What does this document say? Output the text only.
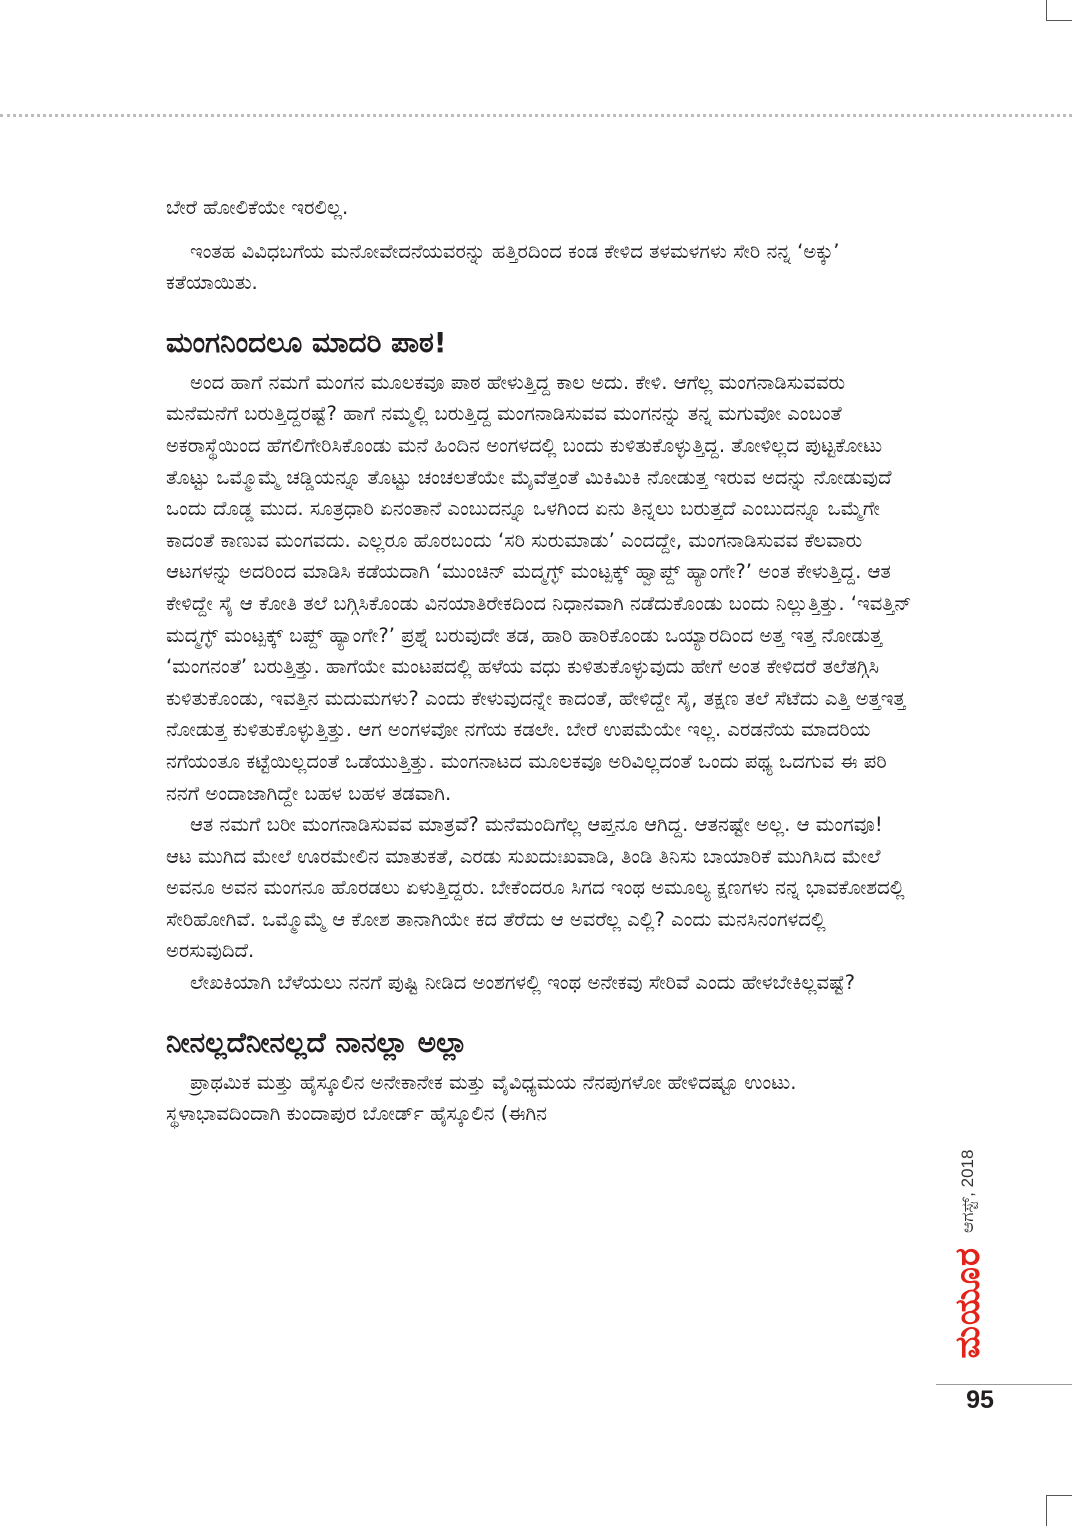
ಬೇರೆ ಹೋಲಿಕೆಯೇ ಇರಲಿಲ್ಲ.

ಇಂತಹ ವಿವಿಧಬಗೆಯ ಮನೋವೇದನೆಯವರನ್ನು ಹತ್ತಿರದಿಂದ ಕಂಡ ಕೇಳಿದ ತಳಮಳಗಳು ಸೇರಿ ನನ್ನ ‘ಅಕ್ಕು’ ಕತೆಯಾಯಿತು.

ಮಂಗನಿಂದಲೂ ಮಾದರಿ ಪಾಠ!

ಅಂದ ಹಾಗೆ ನಮಗೆ ಮಂಗನ ಮೂಲಕವೂ ಪಾಠ ಹೇಳುತ್ತಿದ್ದ ಕಾಲ ಅದು. ಕೇಳಿ. ಆಗೆಲ್ಲ ಮಂಗನಾಡಿಸುವವರು ಮನೆಮನೆಗೆ ಬರುತ್ತಿದ್ದರಷ್ಟೆ? ಹಾಗೆ ನಮ್ಮಲ್ಲಿ ಬರುತ್ತಿದ್ದ ಮಂಗನಾಡಿಸುವವ ಮಂಗನನ್ನು ತನ್ನ ಮಗುವೋ ಎಂಬಂತೆ ಅಕರಾಸ್ಥೆಯಿಂದ ಹೆಗಲಿಗೇರಿಸಿಕೊಂಡು ಮನೆ ಹಿಂದಿನ ಅಂಗಳದಲ್ಲಿ ಬಂದು ಕುಳಿತುಕೊಳ್ಳುತ್ತಿದ್ದ. ತೋಳಿಲ್ಲದ ಪುಟ್ಟಕೋಟು ತೊಟ್ಟು ಒಮ್ಮೊಮ್ಮೆ ಚಡ್ಡಿಯನ್ನೂ ತೊಟ್ಟು ಚಂಚಲತೆಯೇ ಮೈವೆತ್ತಂತೆ ಮಿಕಿಮಿಕಿ ನೋಡುತ್ತ ಇರುವ ಅದನ್ನು ನೋಡುವುದೆ ಒಂದು ದೊಡ್ಡ ಮುದ. ಸೂತ್ರಧಾರಿ ಏನಂತಾನೆ ಎಂಬುದನ್ನೂ ಒಳಗಿಂದ ಏನು ತಿನ್ನಲು ಬರುತ್ತದೆ ಎಂಬುದನ್ನೂ ಒಮ್ಮೆಗೇ ಕಾದಂತೆ ಕಾಣುವ ಮಂಗವದು. ಎಲ್ಲರೂ ಹೊರಬಂದು ‘ಸರಿ ಸುರುಮಾಡು’ ಎಂದದ್ದೇ, ಮಂಗನಾಡಿಸುವವ ಕೆಲವಾರು ಆಟಗಳನ್ನು ಅದರಿಂದ ಮಾಡಿಸಿ ಕಡೆಯದಾಗಿ ‘ಮುಂಚಿನ್ ಮದ್ಮಗ್ಳ್ ಮಂಟ್ಪಕ್ಕ್ ಹ್ವಾಪ್ದ್ ಹ್ಯಾಂಗೇ?’ ಅಂತ ಕೇಳುತ್ತಿದ್ದ. ಆತ ಕೇಳಿದ್ದೇ ಸೈ ಆ ಕೋತಿ ತಲೆ ಬಗ್ಗಿಸಿಕೊಂಡು ವಿನಯಾತಿರೇಕದಿಂದ ನಿಧಾನವಾಗಿ ನಡೆದುಕೊಂಡು ಬಂದು ನಿಲ್ಲುತ್ತಿತ್ತು. ‘ಇವತ್ತಿನ್ ಮದ್ಮಗ್ಳ್ ಮಂಟ್ಪಕ್ಕ್ ಬಪ್ದ್ ಹ್ಯಾಂಗೇ?’ ಪ್ರಶ್ನೆ ಬರುವುದೇ ತಡ, ಹಾರಿ ಹಾರಿಕೊಂಡು ಒಯ್ಯಾರದಿಂದ ಅತ್ತ ಇತ್ತ ನೋಡುತ್ತ ‘ಮಂಗನಂತೆ’ ಬರುತ್ತಿತ್ತು. ಹಾಗೆಯೇ ಮಂಟಪದಲ್ಲಿ ಹಳೆಯ ವಧು ಕುಳಿತುಕೊಳ್ಳುವುದು ಹೇಗೆ ಅಂತ ಕೇಳಿದರೆ ತಲೆತಗ್ಗಿಸಿ ಕುಳಿತುಕೊಂಡು, ಇವತ್ತಿನ ಮದುಮಗಳು? ಎಂದು ಕೇಳುವುದನ್ನೇ ಕಾದಂತೆ, ಹೇಳಿದ್ದೇ ಸೈ, ತಕ್ಷಣ ತಲೆ ಸೆಟೆದು ಎತ್ತಿ ಅತ್ತಇತ್ತ ನೋಡುತ್ತ ಕುಳಿತುಕೊಳ್ಳುತ್ತಿತ್ತು. ಆಗ ಅಂಗಳವೋ ನಗೆಯ ಕಡಲೇ. ಬೇರೆ ಉಪಮೆಯೇ ಇಲ್ಲ. ಎರಡನೆಯ ಮಾದರಿಯ ನಗೆಯಂತೂ ಕಟ್ಟೆಯಿಲ್ಲದಂತೆ ಒಡೆಯುತ್ತಿತ್ತು. ಮಂಗನಾಟದ ಮೂಲಕವೂ ಅರಿವಿಲ್ಲದಂತೆ ಒಂದು ಪಥ್ಯ ಒದಗುವ ಈ ಪರಿ ನನಗೆ ಅಂದಾಜಾಗಿದ್ದೇ ಬಹಳ ಬಹಳ ತಡವಾಗಿ.

ಆತ ನಮಗೆ ಬರೀ ಮಂಗನಾಡಿಸುವವ ಮಾತ್ರವೆ? ಮನೆಮಂದಿಗೆಲ್ಲ ಆಪ್ತನೂ ಆಗಿದ್ದ. ಆತನಷ್ಟೇ ಅಲ್ಲ. ಆ ಮಂಗವೂ! ಆಟ ಮುಗಿದ ಮೇಲೆ ಊರಮೇಲಿನ ಮಾತುಕತೆ, ಎರಡು ಸುಖದುಃಖವಾಡಿ, ತಿಂಡಿ ತಿನಿಸು ಬಾಯಾರಿಕೆ ಮುಗಿಸಿದ ಮೇಲೆ ಅವನೂ ಅವನ ಮಂಗನೂ ಹೊರಡಲು ಏಳುತ್ತಿದ್ದರು. ಬೇಕೆಂದರೂ ಸಿಗದ ಇಂಥ ಅಮೂಲ್ಯ ಕ್ಷಣಗಳು ನನ್ನ ಭಾವಕೋಶದಲ್ಲಿ ಸೇರಿಹೋಗಿವೆ. ಒಮ್ಮೊಮ್ಮೆ ಆ ಕೋಶ ತಾನಾಗಿಯೇ ಕದ ತೆರೆದು ಆ ಅವರೆಲ್ಲ ಎಲ್ಲಿ? ಎಂದು ಮನಸಿನಂಗಳದಲ್ಲಿ ಅರಸುವುದಿದೆ.

ಲೇಖಕಿಯಾಗಿ ಬೆಳೆಯಲು ನನಗೆ ಪುಷ್ಟಿ ನೀಡಿದ ಅಂಶಗಳಲ್ಲಿ ಇಂಥ ಅನೇಕವು ಸೇರಿವೆ ಎಂದು ಹೇಳಬೇಕಿಲ್ಲವಷ್ಟೆ?

ನೀನಲ್ಲದೆನೀನಲ್ಲದೆ ನಾನಲ್ಲಾ ಅಲ್ಲಾ

ಪ್ರಾಥಮಿಕ ಮತ್ತು ಹೈಸ್ಕೂಲಿನ ಅನೇಕಾನೇಕ ಮತ್ತು ವೈವಿಧ್ಯಮಯ ನೆನಪುಗಳೋ ಹೇಳಿದಷ್ಟೂ ಉಂಟು. ಸ್ಥಳಾಭಾವದಿಂದಾಗಿ ಕುಂದಾಪುರ ಬೋರ್ಡ್ ಹೈಸ್ಕೂಲಿನ (ಈಗಿನ

ಮಯೂರ
ಆಗಸ್ಟ್, 2018
95
